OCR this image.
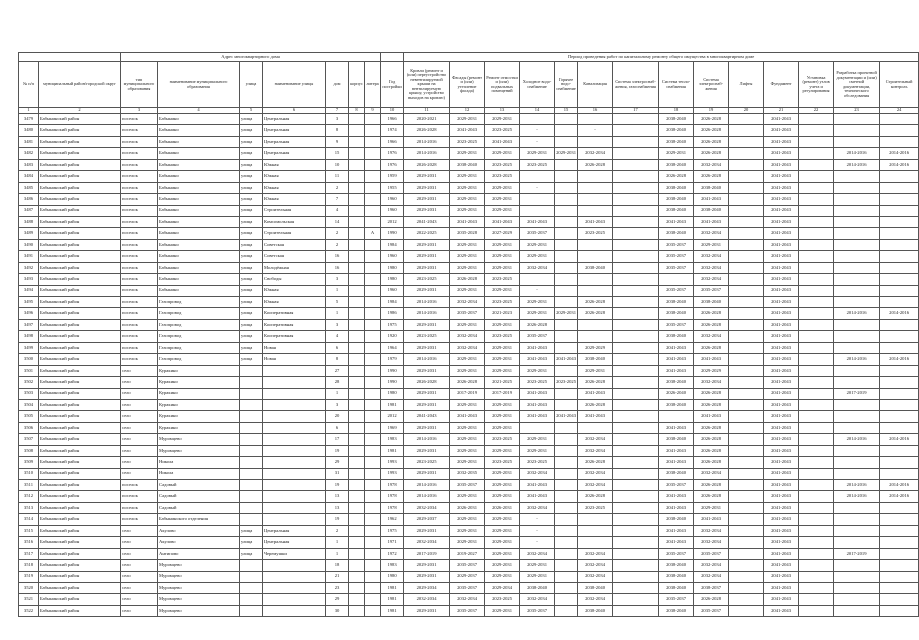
		Адрес многоквартирного дома								Период проведения работ по капитальному ремонту общего имущества в многоквартирном доме													
№ п/п	муниципальный район/городской округ	тип муниципального образования	наименование муниципального образования	улица	наименование улицы	дом	корпус	литера	Год постройки	Кровли (ремонт и (или) переустройство невентилируемой крыши на вентилируемую крышу, устройство выходов на кровлю)	Фасады (ремонт и (или) утепление фасада)	Ремонт отмостки и (или) подвальных помещений	Холодное водо-снабжение	Горячее водо-снабжение	Канализация	Система электроснаб-жения, газоснабжения	Система тепло-снабжения	Система электроснаб-жения	Лифты	Фундамент	Установка (ремонт) узлов учета и регулирования	Разработка проектной документации и (или) сметной документации, технического обследования	Строительный контроль
1	2	3	4	5	6	7	8	9	10	11	12	13	14	15	16	17	18	19	20	21	22	23	24
3479	Бабынинский район	поселок	Бабынино	улица	Центральная	3			1966	2020-2021	2029-2031	2029-2031					2038-2040	2026-2028		2041-2043			
3480	Бабынинский район	поселок	Бабынино	улица	Центральная	8			1974	2026-2028	2041-2043	2023-2025	-		-		2038-2040	2026-2028		2041-2043			
3481	Бабынинский район	поселок	Бабынино	улица	Центральная	9			1966	2014-2016	2023-2025	2041-2043	-				2038-2040	2026-2028		2041-2043			
3482	Бабынинский район	поселок	Бабынино	улица	Центральная	15			1976	2014-2016	2029-2031	2029-2031	2029-2031	2029-2031	2032-2034		2029-2031	2026-2028		2041-2043		2014-2016	2014-2016
3483	Бабынинский район	поселок	Бабынино	улица	Южная	10			1976	2026-2028	2038-2040	2023-2025	2023-2025		2026-2028		2038-2040	2032-2034		2041-2043		2014-2016	2014-2016
3484	Бабынинский район	поселок	Бабынино	улица	Южная	11			1959	2029-2031	2029-2031	2023-2025					2026-2028	2026-2028		2041-2043			
3485	Бабынинский район	поселок	Бабынино	улица	Южная	2			1955	2029-2031	2029-2031	2029-2031	-				2038-2040	2038-2040		2041-2043			
3486	Бабынинский район	поселок	Бабынино	улица	Южная	7			1960	2029-2031	2029-2031	2029-2031					2038-2040	2041-2043		2041-2043			
3487	Бабынинский район	поселок	Бабынино	улица	Строительная	4			1960	2029-2031	2029-2031	2029-2031					2038-2040	2038-2040		2041-2043			
3488	Бабынинский район	поселок	Бабынино	улица	Комсомольская	14			2012	2041-2043	2041-2043	2041-2043	2041-2043		2041-2043		2041-2043	2041-2043		2041-2043			
3489	Бабынинский район	поселок	Бабынино	улица	Строительная	2		А	1990	2022-2025	2035-2028	2027-2029	2035-2037		2023-2025		2038-2040	2032-2034		2041-2043			
3490	Бабынинский район	поселок	Бабынино	улица	Советская	2			1984	2029-2031	2029-2031	2029-2031	2029-2031				2035-2037	2029-2031		2041-2043			
3491	Бабынинский район	поселок	Бабынино	улица	Советская	16			1960	2029-2031	2029-2031	2029-2031	2029-2031				2035-2037	2032-2034		2041-2043			
3492	Бабынинский район	поселок	Бабынино	улица	Молодёжная	16			1980	2029-2031	2029-2031	2029-2031	2032-2034		2038-2040		2035-2037	2032-2034		2041-2043			
3493	Бабынинский район	поселок	Бабынино	улица	Свободы	3			1980	2023-2025	2026-2028	2023-2025						2032-2034		2041-2043			
3494	Бабынинский район	поселок	Бабынино	улица	Южная	1			1960	2029-2031	2029-2031	2029-2031	-				2035-2037	2035-2037		2041-2043			
3495	Бабынинский район	поселок	Газопровод	улица	Южная	5			1984	2014-2016	2032-2034	2023-2025	2029-2031		2026-2028		2038-2040	2038-2040		2041-2043			
3496	Бабынинский район	поселок	Газопровод	улица	Кооперативная	1			1986	2014-2016	2035-2037	2021-2023	2029-2031	2029-2031	2026-2028		2038-2040	2026-2028		2041-2043		2014-2016	2014-2016
3497	Бабынинский район	поселок	Газопровод	улица	Кооперативная	3			1975	2029-2031	2029-2031	2029-2031	2026-2028				2035-2037	2026-2028		2041-2043			
3498	Бабынинский район	поселок	Газопровод	улица	Кооперативная	4			1920	2023-2025	2032-2034	2023-2025	2035-2037				2038-2040	2032-2034		2041-2043			
3499	Бабынинский район	поселок	Газопровод	улица	Новая	6			1964	2029-2031	2032-2034	2029-2031	2041-2043		2029-2029		2041-2043	2026-2028		2041-2043			
3500	Бабынинский район	поселок	Газопровод	улица	Новая	8			1979	2014-2016	2029-2031	2029-2031	2041-2043	2041-2043	2038-2040		2041-2043	2041-2043		2041-2043		2014-2016	2014-2016
3501	Бабынинский район	село	Куракино			27			1990	2029-2031	2029-2031	2029-2031	2029-2031		2029-2031		2041-2043	2029-2029		2041-2043			
3502	Бабынинский район	село	Куракино			28			1990	2026-2028	2026-2028	2021-2025	2023-2025	2023-2025	2026-2028		2038-2040	2032-2034		2041-2043			
3503	Бабынинский район	село	Куракино			1			1980	2029-2031	2017-2019	2017-2019	2041-2043		2041-2043		2026-2040	2026-2028		2041-2043		2017-2019	
3504	Бабынинский район	село	Куракино			3			1981	2029-2031	2029-2031	2029-2031	2041-2043		2026-2028		2038-2040	2026-2028		2041-2043			
3505	Бабынинский район	село	Куракино			20			2012	2041-2043	2041-2043	2029-2031	2041-2043	2041-2043	2041-2043			2041-2043		2041-2043			
3506	Бабынинский район	село	Куракино			6			1969	2029-2031	2029-2031	2029-2031					2041-2043	2026-2028		2041-2043			
3507	Бабынинский район	село	Муромцево			17			1983	2014-2016	2029-2031	2023-2025	2029-2031		2032-2034		2038-2040	2026-2028		2041-2043		2014-2016	2014-2016
3508	Бабынинский район	село	Муромцево			19			1981	2029-2031	2029-2031	2029-2031	2029-2031		2032-2034		2041-2043	2026-2028		2041-2043			
3509	Бабынинский район	село	Никола			29			1993	2023-2025	2029-2031	2023-2025	2023-2025		2026-2028		2041-2043	2026-2028		2041-2043			
3510	Бабынинский район	село	Никола			31			1993	2029-2031	2032-2035	2029-2031	2032-2034		2032-2034		2038-2040	2032-2034		2041-2043			
3511	Бабынинский район	поселок	Садовый			19			1978	2014-2016	2035-2037	2029-2031	2041-2043		2032-2034		2035-2037	2026-2028		2041-2043		2014-2016	2014-2016
3512	Бабынинский район	поселок	Садовый			13			1978	2014-2016	2029-2031	2029-2031	2041-2043		2026-2028		2041-2043	2026-2028		2041-2043		2014-2016	2014-2016
3513	Бабынинский район	поселок	Садовый			13			1978	2032-2034	2026-2031	2026-2031	2032-2034		2023-2025		2041-2043	2029-2031		2041-2043			
3514	Бабынинский район	поселок	Бабынинского отделения			19			1962	2029-2037	2029-2031	2029-2031	-				2038-2040	2041-2043		2041-2043			
3515	Бабынинский район	село	Акулово	улица	Центральная	2			1975	2029-2031	2029-2031	2029-2031	-				2041-2043	2032-2034		2041-2043			
3516	Бабынинский район	село	Акулово	улица	Центральная	1			1971	2032-2034	2029-2031	2029-2031	-				2041-2043	2032-2034		2041-2043			
3517	Бабынинский район	село	Антипово	улица	Черемушки	1			1972	2017-2019	2019-2027	2029-2031	2032-2034		2032-2034		2035-2037	2035-2037		2041-2043		2017-2019	
3518	Бабынинский район	село	Муромцево			18			1983	2029-2031	2035-2037	2029-2031	2029-2031		2032-2034		2038-2040	2032-2034		2041-2043			
3519	Бабынинский район	село	Муромцево			21			1980	2029-2031	2029-2037	2029-2031	2029-2031		2032-2034		2038-2040	2032-2034		2041-2043			
3520	Бабынинский район	село	Муромцево			23			1981	2029-2034	2035-2037	2029-2034	2038-2040		2038-2040		2038-2040	2038-2037		2041-2043			
3521	Бабынинский район	село	Муромцево			29			1981	2032-2034	2032-2034	2023-2025	2032-2034		2032-2034		2035-2037	2026-2028		2041-2043			
3522	Бабынинский район	село	Муромцево			30			1981	2029-2031	2035-2037	2029-2031	2035-2037		2038-2040		2038-2040	2035-2037		2041-2043			
